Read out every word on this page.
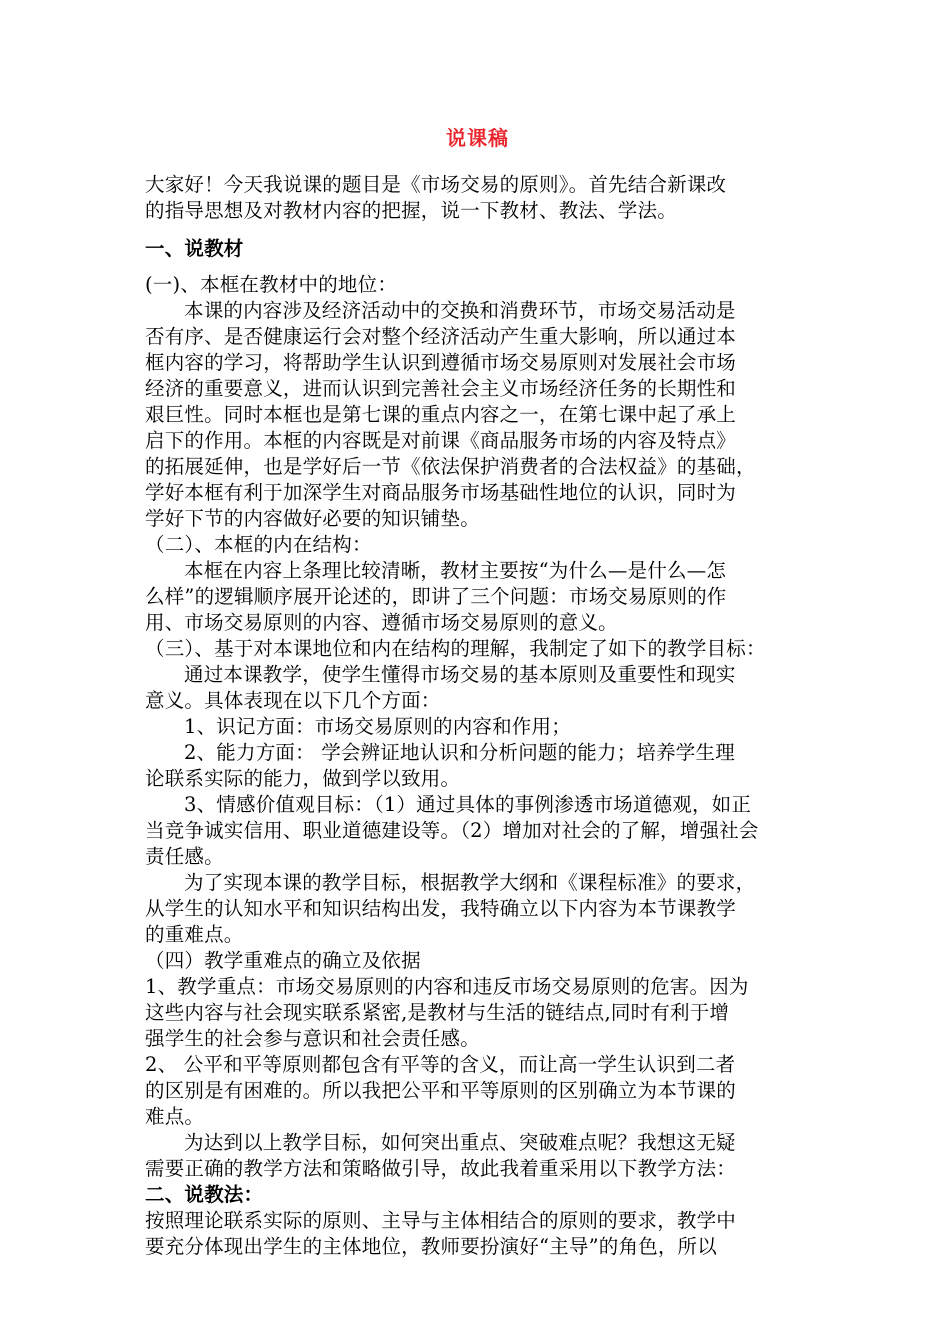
说课稿
大家好！今天我说课的题目是《市场交易的原则》。首先结合新课改
的指导思想及对教材内容的把握，说一下教材、教法、学法。
一、说教材
(一)、本框在教材中的地位：
本课的内容涉及经济活动中的交换和消费环节，市场交易活动是
否有序、是否健康运行会对整个经济活动产生重大影响，所以通过本
框内容的学习，将帮助学生认识到遵循市场交易原则对发展社会市场
经济的重要意义，进而认识到完善社会主义市场经济任务的长期性和
艰巨性。同时本框也是第七课的重点内容之一，在第七课中起了承上
启下的作用。本框的内容既是对前课《商品服务市场的内容及特点》
的拓展延伸，也是学好后一节《依法保护消费者的合法权益》的基础，
学好本框有利于加深学生对商品服务市场基础性地位的认识，同时为
学好下节的内容做好必要的知识铺垫。
（二）、本框的内在结构：
本框在内容上条理比较清晰，教材主要按“为什么—是什么—怎
么样”的逻辑顺序展开论述的，即讲了三个问题：市场交易原则的作
用、市场交易原则的内容、遵循市场交易原则的意义。
（三）、基于对本课地位和内在结构的理解，我制定了如下的教学目标：
通过本课教学，使学生懂得市场交易的基本原则及重要性和现实
意义。具体表现在以下几个方面：
1、识记方面：市场交易原则的内容和作用；
2、能力方面： 学会辨证地认识和分析问题的能力；培养学生理
论联系实际的能力，做到学以致用。
3、情感价值观目标：（1）通过具体的事例渗透市场道德观，如正
当竞争诚实信用、职业道德建设等。（2）增加对社会的了解，增强社会
责任感。
为了实现本课的教学目标，根据教学大纲和《课程标准》的要求，
从学生的认知水平和知识结构出发，我特确立以下内容为本节课教学
的重难点。
（四）教学重难点的确立及依据
1、教学重点：市场交易原则的内容和违反市场交易原则的危害。因为
这些内容与社会现实联系紧密,是教材与生活的链结点,同时有利于增
强学生的社会参与意识和社会责任感。
2、 公平和平等原则都包含有平等的含义，而让高一学生认识到二者
的区别是有困难的。所以我把公平和平等原则的区别确立为本节课的
难点。
为达到以上教学目标，如何突出重点、突破难点呢？我想这无疑
需要正确的教学方法和策略做引导，故此我着重采用以下教学方法：
二、说教法：
按照理论联系实际的原则、主导与主体相结合的原则的要求，教学中
要充分体现出学生的主体地位，教师要扮演好“主导”的角色，所以
